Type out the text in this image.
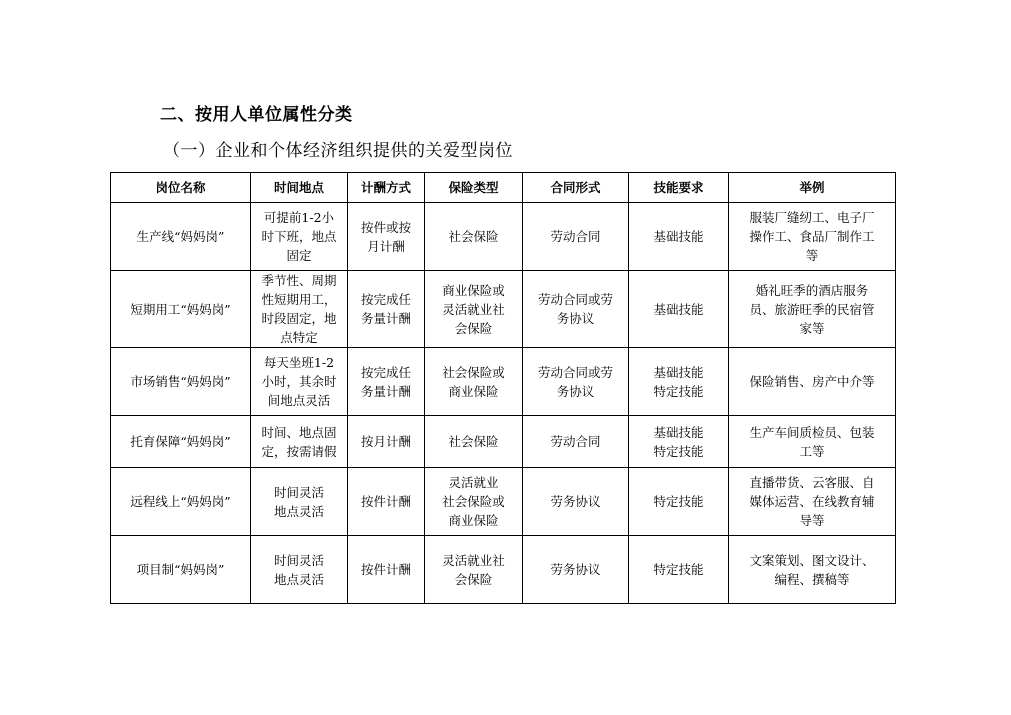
二、按用人单位属性分类
（一）企业和个体经济组织提供的关爱型岗位
岗位名称	时间地点	计酬方式	保险类型	合同形式	技能要求	举例
生产线“妈妈岗”	可提前1-2小
时下班，地点
固定	按件或按
月计酬	社会保险	劳动合同	基础技能	服装厂缝纫工、电子厂
操作工、食品厂制作工
等
短期用工“妈妈岗”	季节性、周期
性短期用工，
时段固定，地
点特定	按完成任
务量计酬	商业保险或
灵活就业社
会保险	劳动合同或劳
务协议	基础技能	婚礼旺季的酒店服务
员、旅游旺季的民宿管
家等
市场销售“妈妈岗”	每天坐班1-2
小时，其余时
间地点灵活	按完成任
务量计酬	社会保险或
商业保险	劳动合同或劳
务协议	基础技能
特定技能	保险销售、房产中介等
托育保障“妈妈岗”	时间、地点固
定，按需请假	按月计酬	社会保险	劳动合同	基础技能
特定技能	生产车间质检员、包装
工等
远程线上“妈妈岗”	时间灵活
地点灵活	按件计酬	灵活就业
社会保险或
商业保险	劳务协议	特定技能	直播带货、云客服、自
媒体运营、在线教育辅
导等
项目制“妈妈岗”	时间灵活
地点灵活	按件计酬	灵活就业社
会保险	劳务协议	特定技能	文案策划、图文设计、
编程、撰稿等
